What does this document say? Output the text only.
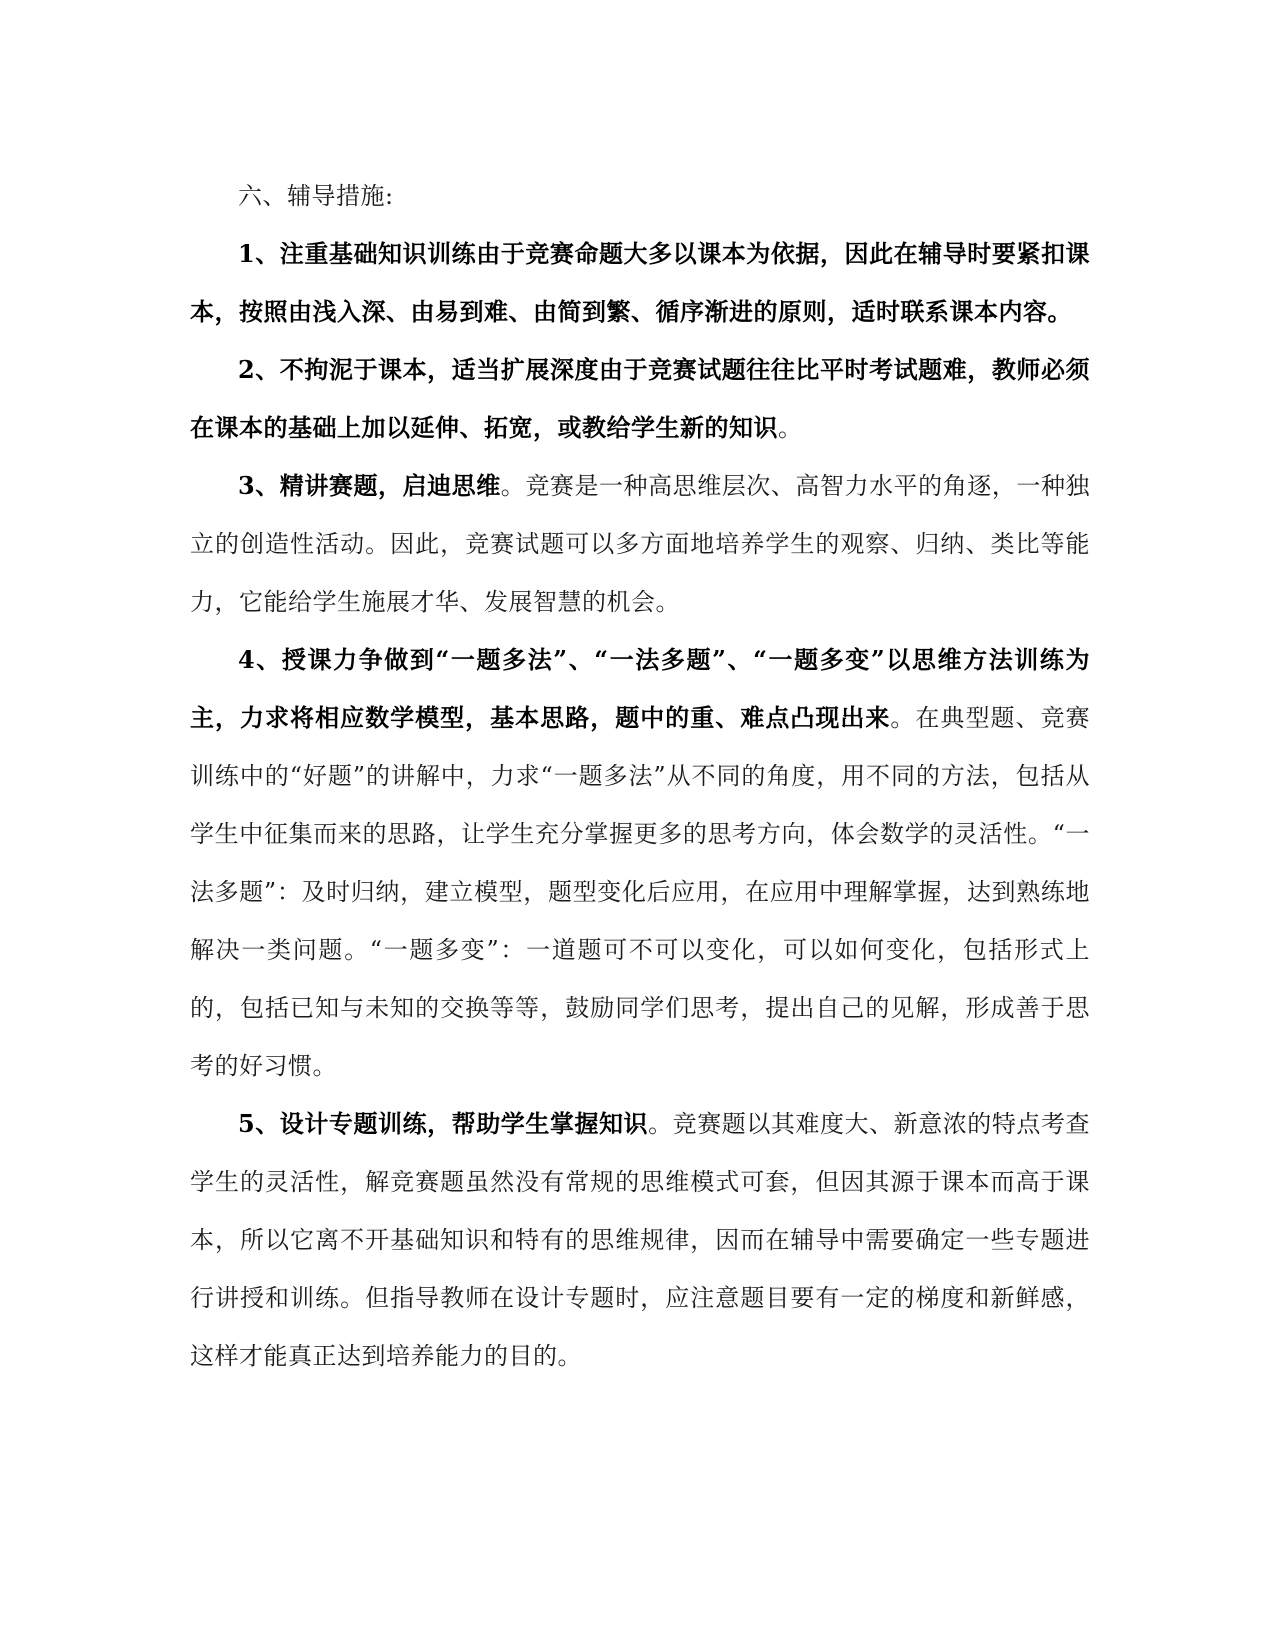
六、辅导措施:

1、注重基础知识训练由于竞赛命题大多以课本为依据，因此在辅导时要紧扣课本，按照由浅入深、由易到难、由简到繁、循序渐进的原则，适时联系课本内容。

2、不拘泥于课本，适当扩展深度由于竞赛试题往往比平时考试题难，教师必须在课本的基础上加以延伸、拓宽，或教给学生新的知识。

3、精讲赛题，启迪思维。竞赛是一种高思维层次、高智力水平的角逐，一种独立的创造性活动。因此，竞赛试题可以多方面地培养学生的观察、归纳、类比等能力，它能给学生施展才华、发展智慧的机会。

4、授课力争做到“一题多法”、“一法多题”、“一题多变”以思维方法训练为主，力求将相应数学模型，基本思路，题中的重、难点凸现出来。在典型题、竞赛训练中的“好题”的讲解中，力求“一题多法”从不同的角度，用不同的方法，包括从学生中征集而来的思路，让学生充分掌握更多的思考方向，体会数学的灵活性。“一法多题”：及时归纳，建立模型，题型变化后应用，在应用中理解掌握，达到熟练地解决一类问题。“一题多变”：一道题可不可以变化，可以如何变化，包括形式上的，包括已知与未知的交换等等，鼓励同学们思考，提出自己的见解，形成善于思考的好习惯。

5、设计专题训练，帮助学生掌握知识。竞赛题以其难度大、新意浓的特点考查学生的灵活性，解竞赛题虽然没有常规的思维模式可套，但因其源于课本而高于课本，所以它离不开基础知识和特有的思维规律，因而在辅导中需要确定一些专题进行讲授和训练。但指导教师在设计专题时，应注意题目要有一定的梯度和新鲜感，这样才能真正达到培养能力的目的。
